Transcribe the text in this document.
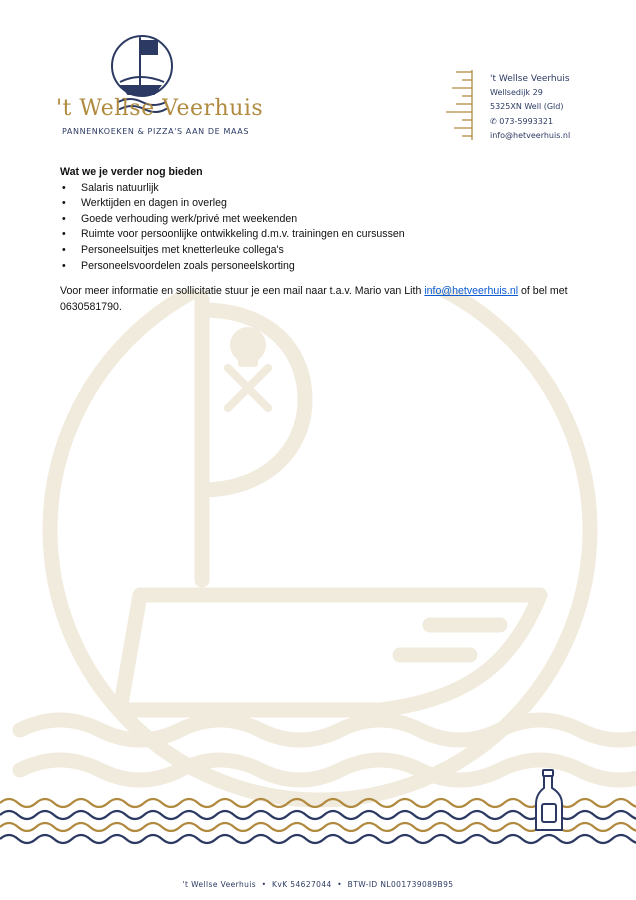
't Wellse Veerhuis
PANNENKOEKEN & PIZZA'S AAN DE MAAS
't Wellse Veerhuis
Wellsedijk 29
5325XN Well (Gld)
✆ 073-5993321
info@hetveerhuis.nl
Wat we je verder nog bieden
• Salaris natuurlijk
• Werktijden en dagen in overleg
• Goede verhouding werk/privé met weekenden
• Ruimte voor persoonlijke ontwikkeling d.m.v. trainingen en cursussen
• Personeelsuitjes met knetterleuke collega's
• Personeelsvoordelen zoals personeelskorting

Voor meer informatie en sollicitatie stuur je een mail naar t.a.v. Mario van Lith info@hetveerhuis.nl of bel met 0630581790.

't Wellse Veerhuis • KvK 54627044 • BTW-ID NL001739089B95
